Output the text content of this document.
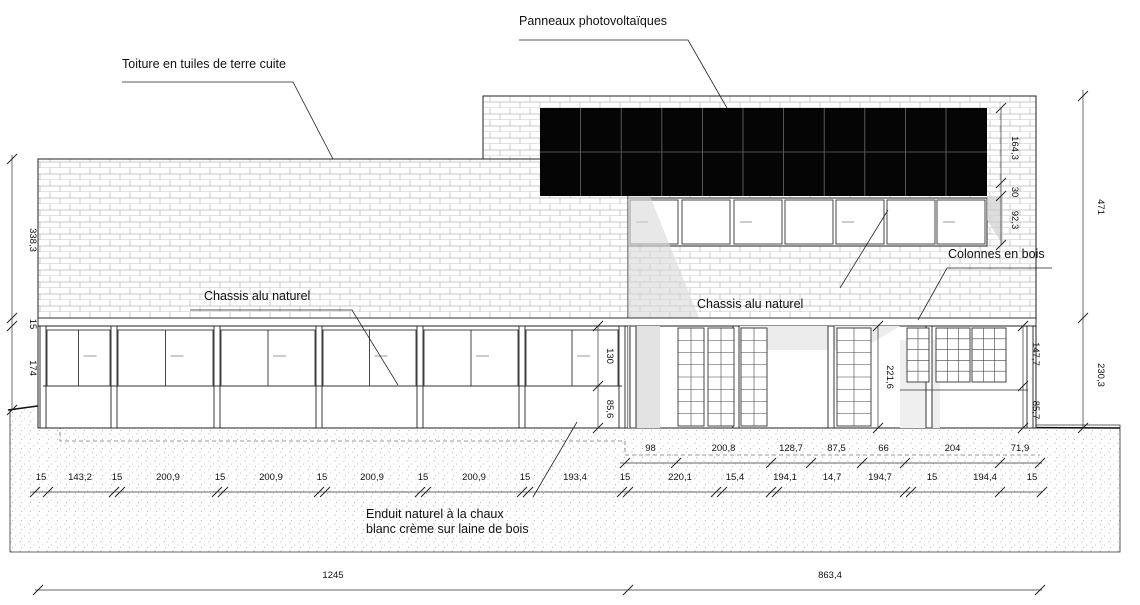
Panneaux photovoltaïques
Toiture en tuiles de terre cuite
Chassis alu naturel
Chassis alu naturel
Colonnes en bois
Enduit naturel à la chaux
blanc crème sur laine de bois
338,3
15
174
164,3
30
92,3
471
130
85,6
221,6
147,7
85,7
230,3
98	200,8	128,7	87,5	66	204	71,9
15 143,2 15	200,9	15	200,9	15	200,9	15	200,9	15	193,4	15	220,1	15,4	194,1	14,7	194,7	15	194,4	15
1245	863,4
